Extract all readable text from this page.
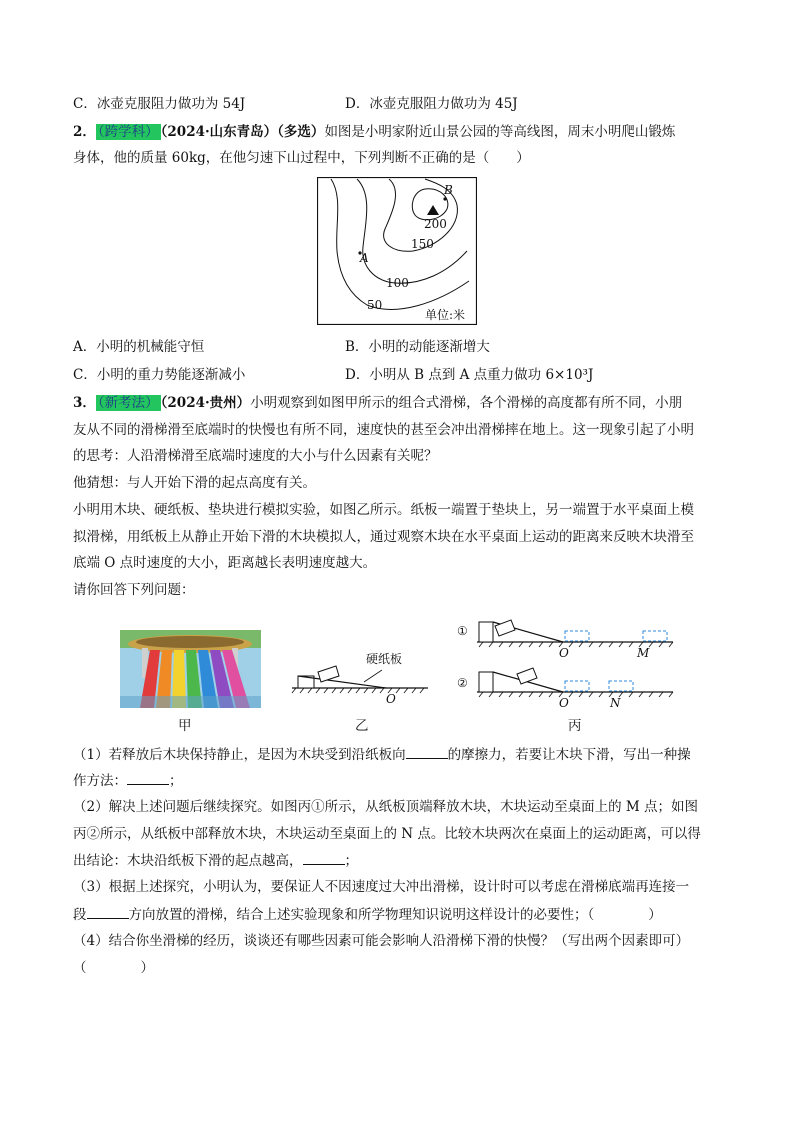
C．冰壶克服阻力做功为 54J	D．冰壶克服阻力做功为 45J
2． （跨学科） （2024·山东青岛）（多选）如图是小明家附近山景公园的等高线图，周末小明爬山锻炼
身体，他的质量 60kg，在他匀速下山过程中，下列判断不正确的是（　　）
B
A
200
150
100
50
单位:米
A．小明的机械能守恒	B．小明的动能逐渐增大
C．小明的重力势能逐渐减小	D．小明从 B 点到 A 点重力做功 6×10³J
3． （新考法） （2024·贵州）小明观察到如图甲所示的组合式滑梯，各个滑梯的高度都有所不同，小朋
友从不同的滑梯滑至底端时的快慢也有所不同，速度快的甚至会冲出滑梯摔在地上。这一现象引起了小明
的思考：人沿滑梯滑至底端时速度的大小与什么因素有关呢？
他猜想：与人开始下滑的起点高度有关。
小明用木块、硬纸板、垫块进行模拟实验，如图乙所示。纸板一端置于垫块上，另一端置于水平桌面上模
拟滑梯，用纸板上从静止开始下滑的木块模拟人，通过观察木块在水平桌面上运动的距离来反映木块滑至
底端 O 点时速度的大小，距离越长表明速度越大。
请你回答下列问题：
甲
硬纸板
O
乙
①
②
O	M
O	N
丙
（1）若释放后木块保持静止，是因为木块受到沿纸板向	的摩擦力，若要让木块下滑，写出一种操
作方法：	；
（2）解决上述问题后继续探究。如图丙①所示，从纸板顶端释放木块，木块运动至桌面上的 M 点；如图
丙②所示，从纸板中部释放木块，木块运动至桌面上的 N 点。比较木块两次在桌面上的运动距离，可以得
出结论：木块沿纸板下滑的起点越高，	；
（3）根据上述探究，小明认为，要保证人不因速度过大冲出滑梯，设计时可以考虑在滑梯底端再连接一
段	方向放置的滑梯，结合上述实验现象和所学物理知识说明这样设计的必要性；（　　　　）
（4）结合你坐滑梯的经历，谈谈还有哪些因素可能会影响人沿滑梯下滑的快慢？（写出两个因素即可）
（　　　　）
